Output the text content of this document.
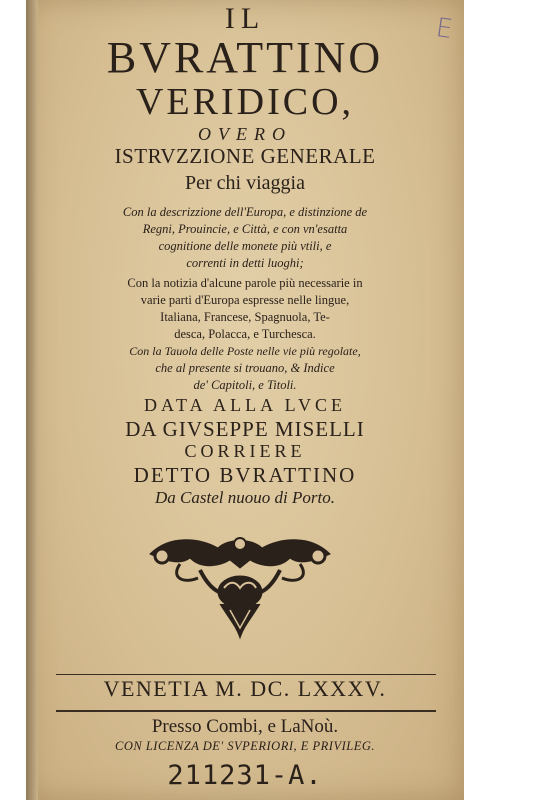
E

IL

BVRATTINO

VERIDICO,

OVERO

ISTRVZZIONE GENERALE

Per chi viaggia

Con la descrizzione dell'Europa, e distinzione de

Regni, Prouincie, e Città, e con vn'esatta

cognitione delle monete più vtili, e

correnti in detti luoghi;

Con la notizia d'alcune parole più necessarie in

varie parti d'Europa espresse nelle lingue,

Italiana, Francese, Spagnuola, Te-

desca, Polacca, e Turchesca.

Con la Tauola delle Poste nelle vie più regolate,

che al presente si trouano, & Indice

de' Capitoli, e Titoli.

DATA ALLA LVCE

DA GIVSEPPE MISELLI

CORRIERE

DETTO BVRATTINO

Da Castel nuouo di Porto.

VENETIA M. DC. LXXXV.

Presso Combi, e LaNoù.

CON LICENZA DE' SVPERIORI, E PRIVILEG.

211231-A.
